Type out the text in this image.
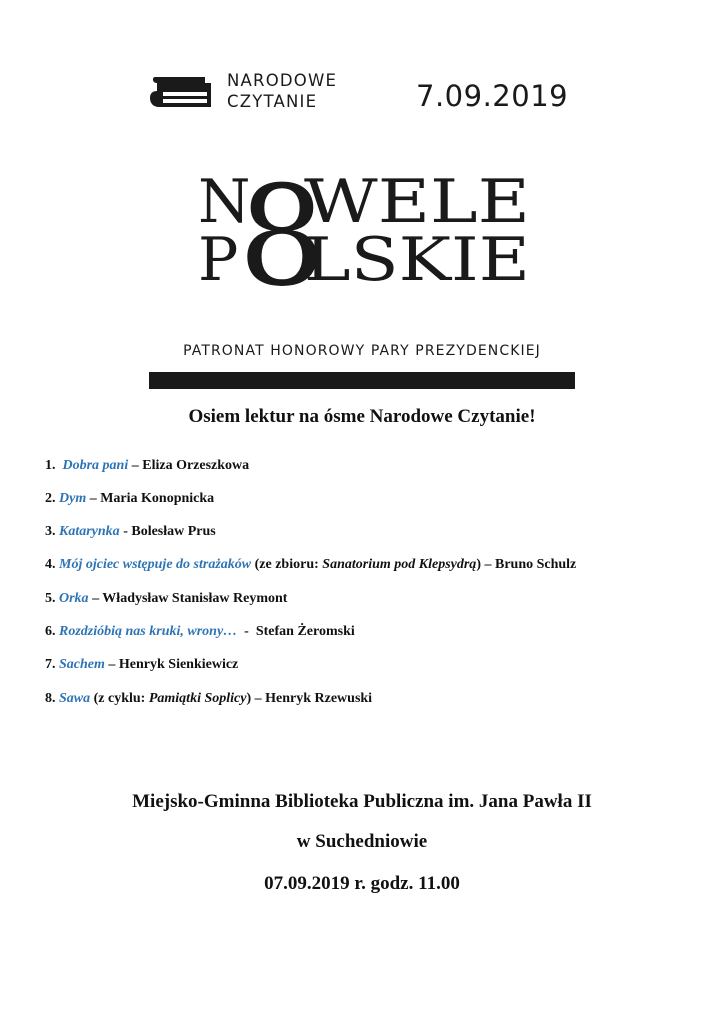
NARODOWE
CZYTANIE	7.09.2019
8
N WELE
P LSKIE
PATRONAT HONOROWY PARY PREZYDENCKIEJ
Osiem lektur na ósme Narodowe Czytanie!
1. Dobra pani – Eliza Orzeszkowa
2. Dym – Maria Konopnicka
3. Katarynka - Bolesław Prus
4. Mój ojciec wstępuje do strażaków (ze zbioru: Sanatorium pod Klepsydrą) – Bruno Schulz
5. Orka – Władysław Stanisław Reymont
6. Rozdzióbią nas kruki, wrony…  -  Stefan Żeromski
7. Sachem – Henryk Sienkiewicz
8. Sawa (z cyklu: Pamiątki Soplicy) – Henryk Rzewuski
Miejsko-Gminna Biblioteka Publiczna im. Jana Pawła II
w Suchedniowie
07.09.2019 r. godz. 11.00
